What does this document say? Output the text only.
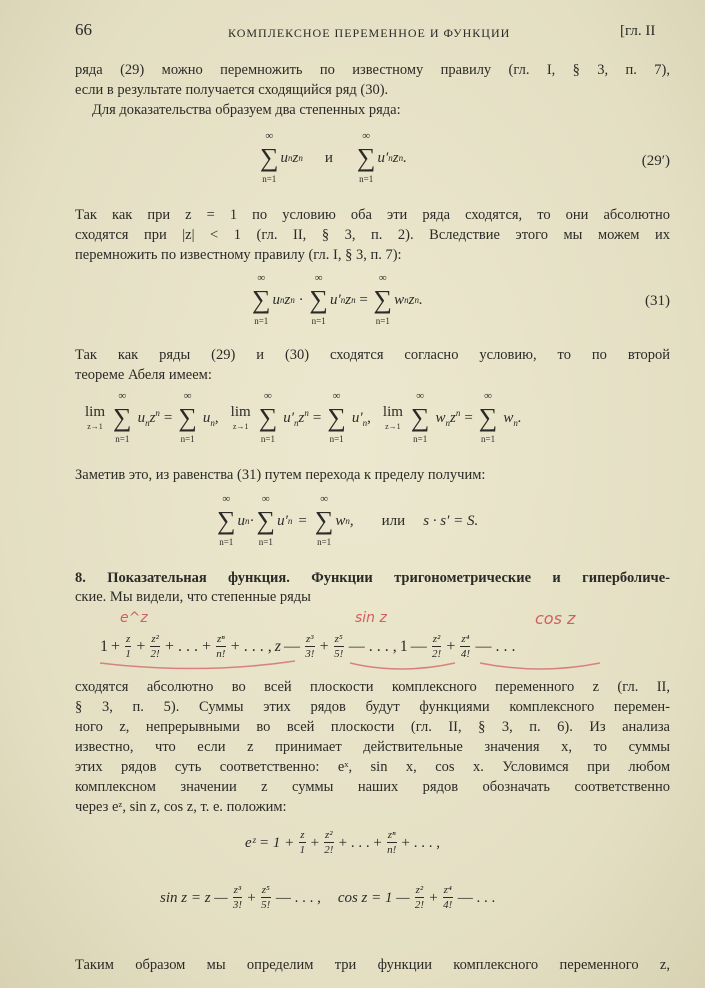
66	КОМПЛЕКСНОЕ ПЕРЕМЕННОЕ И ФУНКЦИИ	[гл. II
ряда (29) можно перемножить по известному правилу (гл. I, § 3, п. 7),
если в результате получается сходящийся ряд (30).
Для доказательства образуем два степенных ряда:
∞
∑
n=1
u n z n и
∞
∑
n=1
u′ n z n .	(29′)
Так как при z = 1 по условию оба эти ряда сходятся, то они абсолютно
сходятся при |z| < 1 (гл. II, § 3, п. 2). Вследствие этого мы можем их
перемножить по известному правилу (гл. I, § 3, п. 7):
∞
∑
n=1
u n z n ·
∞
∑
n=1
u′ n z n =
∞
∑
n=1
w n z n .	(31)
Так как ряды (29) и (30) сходятся согласно условию, то по второй
теореме Абеля имеем:
lim
z→1
∞
∑
n=1
$u_nz^n$ =
∞
∑
n=1
$u_n$, lim
z→1
∞
∑
n=1
$u'_nz^n$ =
∞
∑
n=1
$u'_n$, lim
z→1
∞
∑
n=1
$w_nz^n$ =
∞
∑
n=1
$w_n$.
Заметив это, из равенства (31) путем перехода к пределу получим:
∞
∑
n=1
u n ·
∞
∑
n=1
u′ n =
∞
∑
n=1
w n , или s · s′ = S.
8. Показательная функция. Функции тригонометрические и гиперболиче-
ские. Мы видели, что степенные ряды
e^z	sin z	cos z
$1 + \frac{z}{1} + \frac{\text{z²}}{2!}$ + . . . + $\frac{\text{zⁿ}}{n!}$ + . . . , z — $\frac{\text{z³}}{3!} + \frac{\text{z⁵}}{5!}$ — . . . , 1 — $\frac{\text{z²}}{2!} + \frac{\text{z⁴}}{4!}$ — . . .
сходятся абсолютно во всей плоскости комплексного переменного z (гл. II,
§ 3, п. 5). Суммы этих рядов будут функциями комплексного перемен-
ного z, непрерывными во всей плоскости (гл. II, § 3, п. 6). Из анализа
известно, что если z принимает действительные значения x, то суммы
этих рядов суть соответственно: eˣ, sin x, cos x. Условимся при любом
комплексном значении z суммы наших рядов обозначать соответственно
через eᶻ, sin z, cos z, т. е. положим:
eᶻ = $1 + \frac{z}{1} + \frac{\text{z²}}{2!}$ + . . . + $\frac{\text{zⁿ}}{n!}$ + . . . ,
sin z = z — $\frac{\text{z³}}{3!} + \frac{\text{z⁵}}{5!}$ — . . . , cos z = 1 — $\frac{\text{z²}}{2!} + \frac{\text{z⁴}}{4!}$ — . . .
Таким образом мы определим три функции комплексного переменного z,
